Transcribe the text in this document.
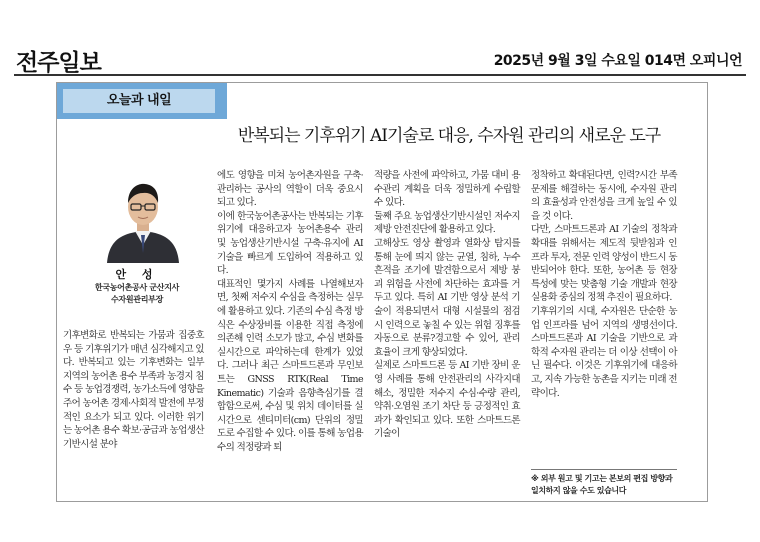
전주일보	2025년 9월 3일 수요일 014면 오피니언
오늘과 내일
반복되는 기후위기 AI기술로 대응, 수자원 관리의 새로운 도구
안 성
한국농어촌공사 군산지사
수자원관리부장

기후변화로 반복되는 가뭄과 집중호우 등 기후위기가 매년 심각해지고 있다. 반복되고 있는 기후변화는 일부 지역의 농어촌 용수 부족과 농경지 침수 등 농업경쟁력, 농가소득에 영향을 주어 농어촌 경제·사회적 발전에 부정적인 요소가 되고 있다. 이러한 위기는 농어촌 용수 확보·공급과 농업생산기반시설 분야

에도 영향을 미쳐 농어촌자원을 구축·관리하는 공사의 역할이 더욱 중요시되고 있다.

이에 한국농어촌공사는 반복되는 기후위기에 대응하고자 농어촌용수 관리 및 농업생산기반시설 구축·유지에 AI기술을 빠르게 도입하여 적용하고 있다.

대표적인 몇가지 사례를 나열해보자면, 첫째 저수지 수심을 측정하는 실무에 활용하고 있다. 기존의 수심 측정 방식은 수상장비를 이용한 직접 측정에 의존해 인력 소모가 많고, 수심 변화를 실시간으로 파악하는데 한계가 있었다. 그러나 최근 스마트드론과 무인보트는 GNSS RTK(Real Time Kinematic) 기술과 음향측심기를 결합함으로써, 수심 및 위치 데이터를 실시간으로 센티미터(cm) 단위의 정밀도로 수집할 수 있다. 이를 통해 농업용수의 적정량과 퇴

적량을 사전에 파악하고, 가뭄 대비 용수관리 계획을 더욱 정밀하게 수립할 수 있다.

둘째 주요 농업생산기반시설인 저수지 제방 안전진단에 활용하고 있다.

고해상도 영상 촬영과 열화상 탐지를 통해 눈에 띄지 않는 균열, 침하, 누수 흔적을 조기에 발견함으로서 제방 붕괴 위험을 사전에 차단하는 효과를 거두고 있다. 특히 AI 기반 영상 분석 기술이 적용되면서 대형 시설물의 점검시 인력으로 놓칠 수 있는 위험 징후를 자동으로 분류?경고할 수 있어, 관리 효율이 크게 향상되었다.

실제로 스마트드론 등 AI 기반 장비 운영 사례를 통해 안전관리의 사각지대 해소, 정밀한 저수지 수심·수량 관리, 약취·오염원 조기 차단 등 긍정적인 효과가 확인되고 있다. 또한 스마트드론 기술이

정착하고 확대된다면, 인력?시간 부족 문제를 해결하는 동시에, 수자원 관리의 효율성과 안전성을 크게 높일 수 있을 것 이다.

다만, 스마트드론과 AI 기술의 정착과 확대를 위해서는 제도적 뒷받침과 인프라 투자, 전문 인력 양성이 반드시 동반되어야 한다. 또한, 농어촌 등 현장 특성에 맞는 맞춤형 기술 개발과 현장 실용화 중심의 정책 추진이 필요하다.

기후위기의 시대, 수자원은 단순한 농업 인프라를 넘어 지역의 생명선이다. 스마트드론과 AI 기술을 기반으로 과학적 수자원 관리는 더 이상 선택이 아닌 필수다. 이것은 기후위기에 대응하고, 지속 가능한 농촌을 지키는 미래 전략이다.

※ 외부 원고 및 기고는 본보의 편집 방향과 일치하지 않을 수도 있습니다
